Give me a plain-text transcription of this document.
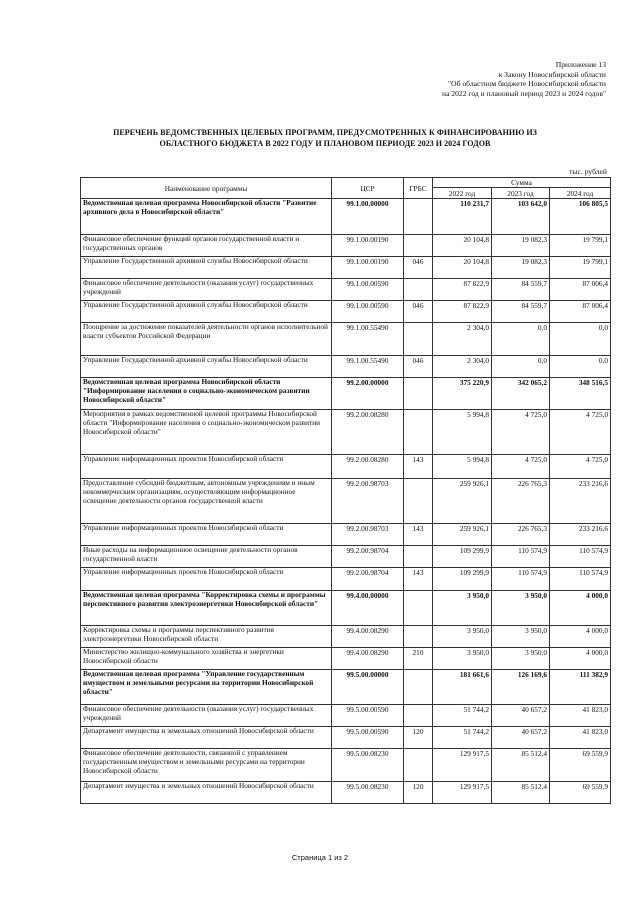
Приложение 13
к Закону Новосибирской области
"Об областном бюджете Новосибирской области
на 2022 год и плановый период 2023 и 2024 годов"
ПЕРЕЧЕНЬ ВЕДОМСТВЕННЫХ ЦЕЛЕВЫХ ПРОГРАММ, ПРЕДУСМОТРЕННЫХ К ФИНАНСИРОВАНИЮ ИЗ
ОБЛАСТНОГО БЮДЖЕТА В 2022 ГОДУ И ПЛАНОВОМ ПЕРИОДЕ 2023 И 2024 ГОДОВ
тыс. рублей
Наименование программы	ЦСР	ГРБС	Сумма		
			2022 год	2023 год	2024 год
Ведомственная целевая программа Новосибирской области "Развитие архивного дела в Новосибирской области"	99.1.00.00000		110 231,7	103 642,0	106 805,5
Финансовое обеспечение функций органов государственной власти и государственных органов	99.1.00.00190		20 104,8	19 082,3	19 799,1
Управление Государственной архивной службы Новосибирской области	99.1.00.00190	046	20 104,8	19 082,3	19 799,1
Финансовое обеспечение деятельности (оказания услуг) государственных учреждений	99.1.00.00590		87 822,9	84 559,7	87 006,4
Управление Государственной архивной службы Новосибирской области	99.1.00.00590	046	87 822,9	84 559,7	87 006,4
Поощрение за достижение показателей деятельности органов исполнительной власти субъектов Российской Федерации	99.1.00.55490		2 304,0	0,0	0,0
Управление Государственной архивной службы Новосибирской области	99.1.00.55490	046	2 304,0	0,0	0,0
Ведомственная целевая программа Новосибирской области "Информирование населения о социально-экономическом развитии Новосибирской области"	99.2.00.00000		375 220,9	342 065,2	348 516,5
Мероприятия в рамках ведомственной целевой программы Новосибирской области "Информирование населения о социально-экономическом развитии Новосибирской области"	99.2.00.08280		5 994,8	4 725,0	4 725,0
Управление информационных проектов Новосибирской области	99.2.00.08280	143	5 994,8	4 725,0	4 725,0
Предоставление субсидий бюджетным, автономным учреждениям и иным некоммерческим организациям, осуществляющим информационное освещение деятельности органов государственной власти	99.2.00.98703		259 926,1	226 765,3	233 216,6
Управление информационных проектов Новосибирской области	99.2.00.98703	143	259 926,1	226 765,3	233 216,6
Иные расходы на информационное освещение деятельности органов государственной власти	99.2.00.98704		109 299,9	110 574,9	110 574,9
Управление информационных проектов Новосибирской области	99.2.00.98704	143	109 299,9	110 574,9	110 574,9
Ведомственная целевая программа "Корректировка схемы и программы перспективного развития электроэнергетики Новосибирской области"	99.4.00.00000		3 950,0	3 950,0	4 000,0
Корректировка схемы и программы перспективного развития электроэнергетики Новосибирской области	99.4.00.08290		3 950,0	3 950,0	4 000,0
Министерство жилищно-коммунального хозяйства и энергетики Новосибирской области	99.4.00.08290	210	3 950,0	3 950,0	4 000,0
Ведомственная целевая программа "Управление государственным имуществом и земельными ресурсами на территории Новосибирской области"	99.5.00.00000		181 661,6	126 169,6	111 382,9
Финансовое обеспечение деятельности (оказания услуг) государственных учреждений	99.5.00.00590		51 744,2	40 657,2	41 823,0
Департамент имущества и земельных отношений Новосибирской области	99.5.00.00590	120	51 744,2	40 657,2	41 823,0
Финансовое обеспечение деятельности, связанной с управлением государственным имуществом и земельными ресурсами на территории Новосибирской области	99.5.00.08230		129 917,5	85 512,4	69 559,9
Департамент имущества и земельных отношений Новосибирской области	99.5.00.08230	120	129 917,5	85 512,4	69 559,9
Страница 1 из 2
